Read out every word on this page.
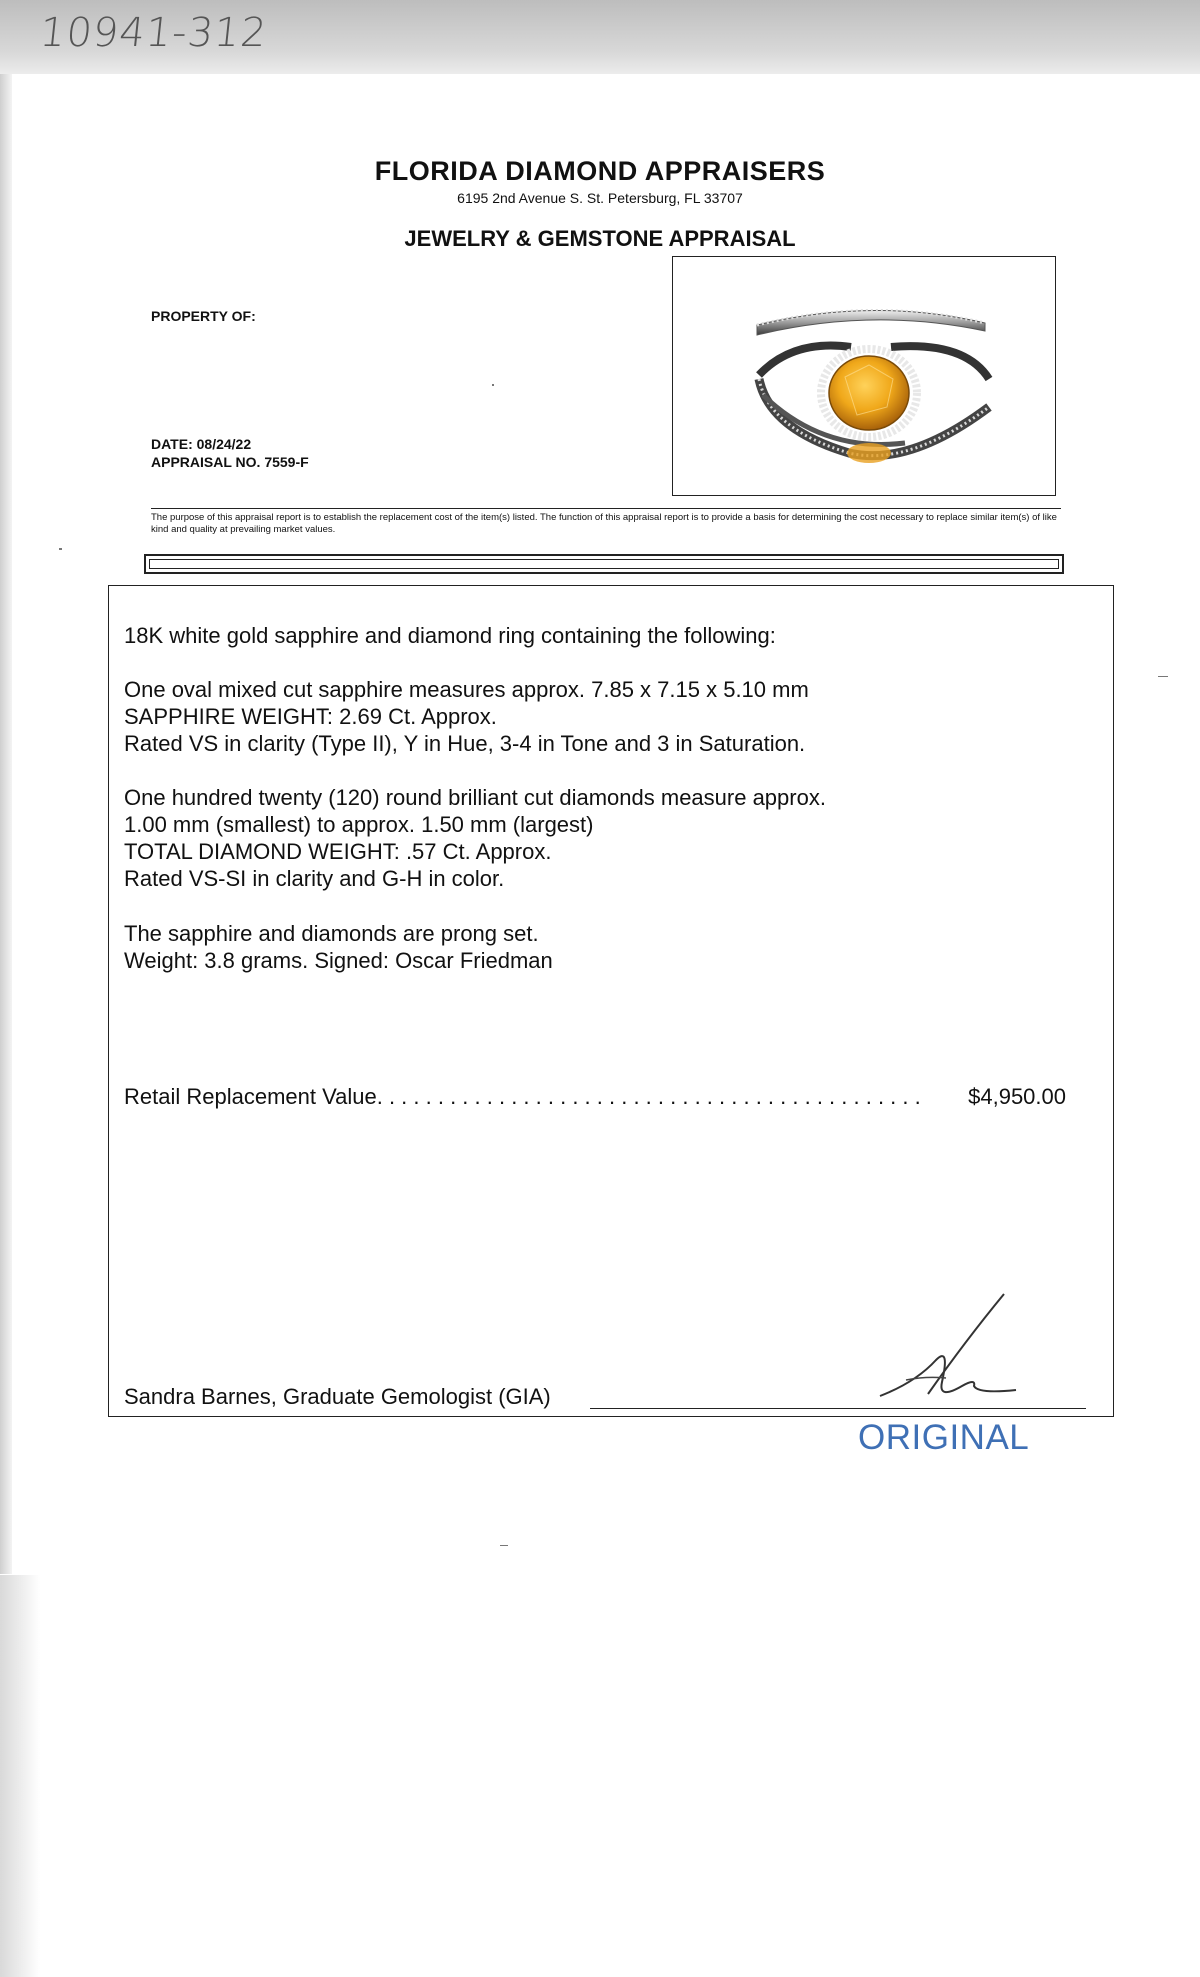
10941-312
FLORIDA DIAMOND APPRAISERS
6195 2nd Avenue S. St. Petersburg, FL 33707
JEWELRY & GEMSTONE APPRAISAL
PROPERTY OF:
DATE: 08/24/22
APPRAISAL NO. 7559-F
The purpose of this appraisal report is to establish the replacement cost of the item(s) listed. The function of this appraisal report is to provide a basis for determining the cost necessary to replace similar item(s) of like kind and quality at prevailing market values.
18K white gold sapphire and diamond ring containing the following:
One oval mixed cut sapphire measures approx. 7.85 x 7.15 x 5.10 mm
SAPPHIRE WEIGHT: 2.69 Ct. Approx.
Rated VS in clarity (Type II), Y in Hue, 3-4 in Tone and 3 in Saturation.
One hundred twenty (120) round brilliant cut diamonds measure approx.
1.00 mm (smallest) to approx. 1.50 mm (largest)
TOTAL DIAMOND WEIGHT: .57 Ct. Approx.
Rated VS-SI in clarity and G-H in color.
The sapphire and diamonds are prong set.
Weight: 3.8 grams. Signed: Oscar Friedman
Retail Replacement Value. . . . . . . . . . . . . . . . . . . . . . . . . . . . . . . . . . . . . . . . . . . . . $4,950.00
Sandra Barnes, Graduate Gemologist (GIA)
ORIGINAL
